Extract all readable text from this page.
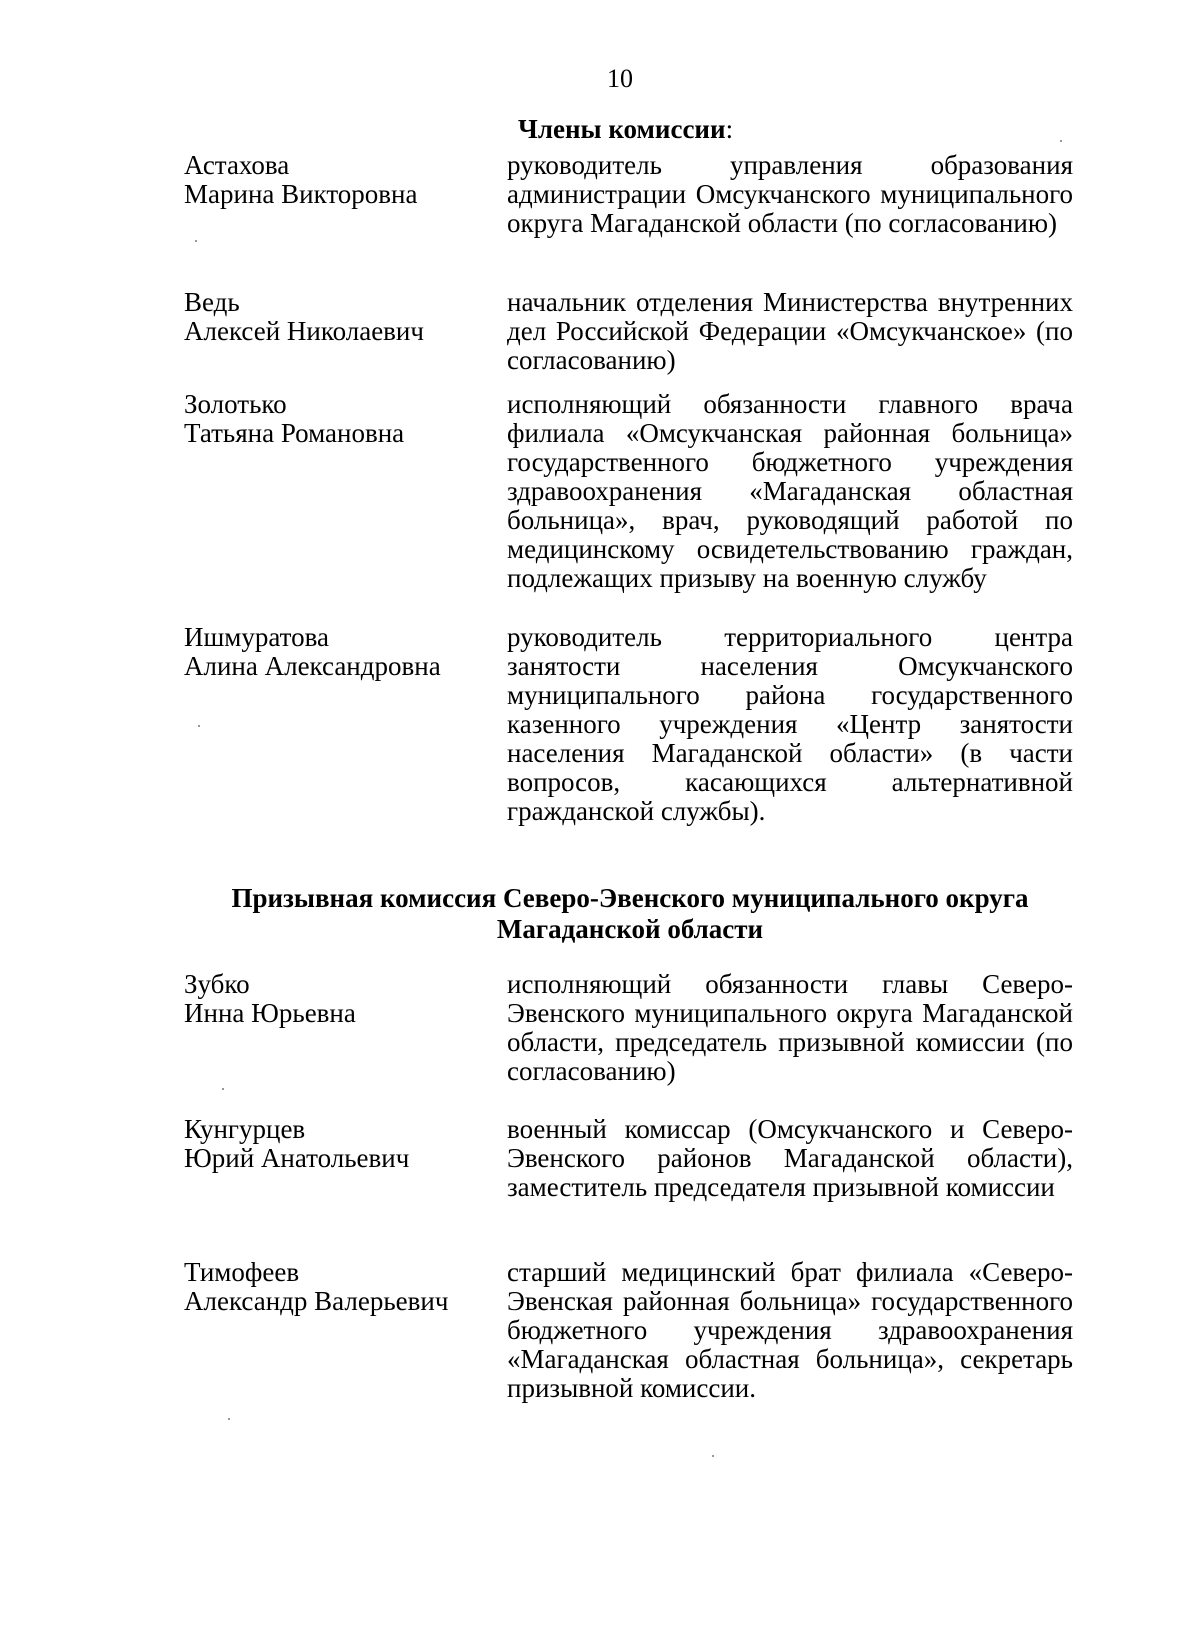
10
Члены комиссии:
Астахова
Марина Викторовна
руководитель управления образования администрации Омсукчанского муниципального округа Магаданской области (по согласованию)
Ведь
Алексей Николаевич
начальник отделения Министерства внутренних дел Российской Федерации «Омсукчанское» (по согласованию)
Золотько
Татьяна Романовна
исполняющий обязанности главного врача филиала «Омсукчанская районная больница» государственного бюджетного учреждения здравоохранения «Магаданская областная больница», врач, руководящий работой по медицинскому освидетельствованию граждан, подлежащих призыву на военную службу
Ишмуратова
Алина Александровна
руководитель территориального центра занятости населения Омсукчанского муниципального района государственного казенного учреждения «Центр занятости населения Магаданской области» (в части вопросов, касающихся альтернативной гражданской службы).
Призывная комиссия Северо-Эвенского муниципального округа
Магаданской области
Зубко
Инна Юрьевна
исполняющий обязанности главы Северо-Эвенского муниципального округа Магаданской области, председатель призывной комиссии (по согласованию)
Кунгурцев
Юрий Анатольевич
военный комиссар (Омсукчанского и Северо-Эвенского районов Магаданской области), заместитель председателя призывной комиссии
Тимофеев
Александр Валерьевич
старший медицинский брат филиала «Северо-Эвенская районная больница» государственного бюджетного учреждения здравоохранения «Магаданская областная больница», секретарь призывной комиссии.
